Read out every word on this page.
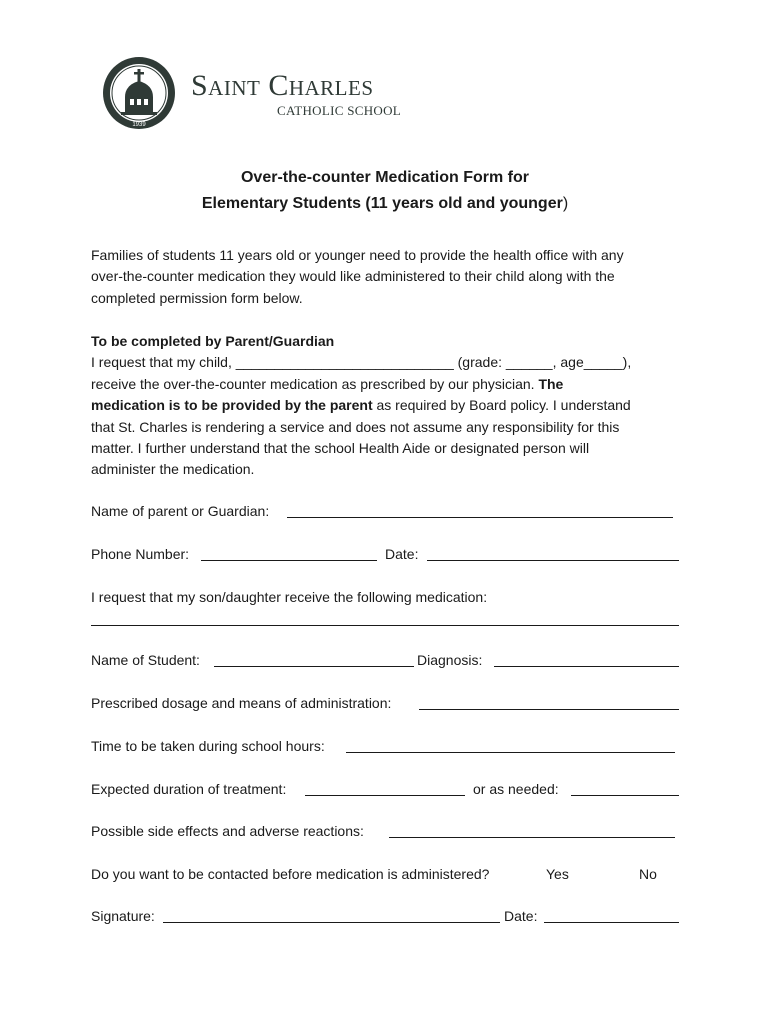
1939
Saint Charles
CATHOLIC SCHOOL
Over-the-counter Medication Form for
Elementary Students (11 years old and younger)
Families of students 11 years old or younger need to provide the health office with any
over-the-counter medication they would like administered to their child along with the
completed permission form below.
To be completed by Parent/Guardian
I request that my child, ____________________________ (grade: ______, age_____),
receive the over-the-counter medication as prescribed by our physician. The
medication is to be provided by the parent as required by Board policy. I understand
that St. Charles is rendering a service and does not assume any responsibility for this
matter. I further understand that the school Health Aide or designated person will
administer the medication.
Name of parent or Guardian:
Phone Number:	Date:
I request that my son/daughter receive the following medication:
Name of Student:	Diagnosis:
Prescribed dosage and means of administration:
Time to be taken during school hours:
Expected duration of treatment:	or as needed:
Possible side effects and adverse reactions:
Do you want to be contacted before medication is administered?	Yes	No
Signature:	Date:
